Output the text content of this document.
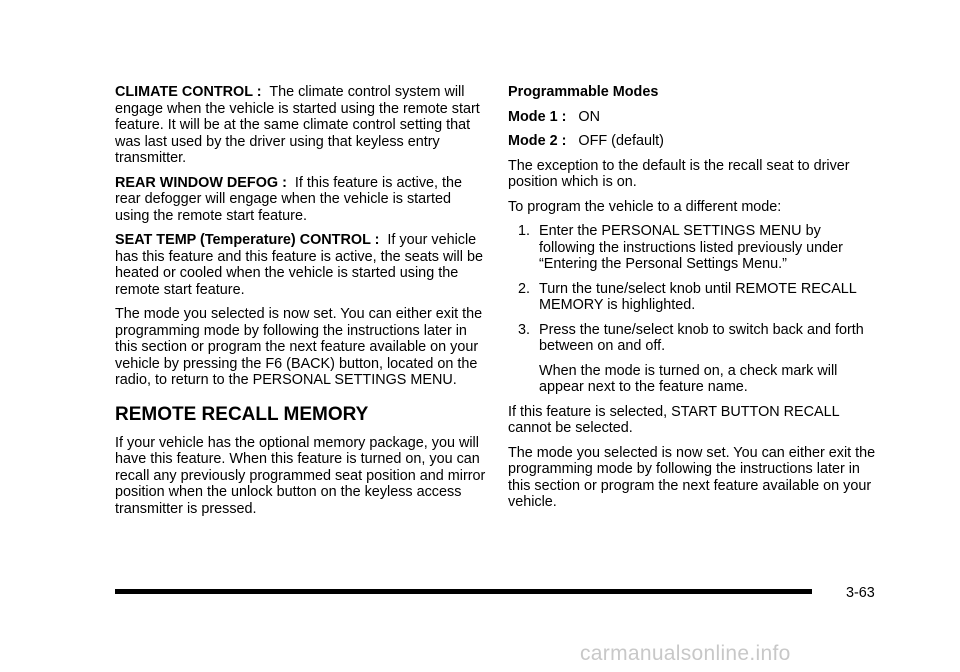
CLIMATE CONTROL : The climate control system will engage when the vehicle is started using the remote start feature. It will be at the same climate control setting that was last used by the driver using that keyless entry transmitter.

REAR WINDOW DEFOG : If this feature is active, the rear defogger will engage when the vehicle is started using the remote start feature.

SEAT TEMP (Temperature) CONTROL : If your vehicle has this feature and this feature is active, the seats will be heated or cooled when the vehicle is started using the remote start feature.

The mode you selected is now set. You can either exit the programming mode by following the instructions later in this section or program the next feature available on your vehicle by pressing the F6 (BACK) button, located on the radio, to return to the PERSONAL SETTINGS MENU.

REMOTE RECALL MEMORY

If your vehicle has the optional memory package, you will have this feature. When this feature is turned on, you can recall any previously programmed seat position and mirror position when the unlock button on the keyless access transmitter is pressed.

Programmable Modes

Mode 1 : ON

Mode 2 : OFF (default)

The exception to the default is the recall seat to driver position which is on.

To program the vehicle to a different mode:

1. Enter the PERSONAL SETTINGS MENU by following the instructions listed previously under “Entering the Personal Settings Menu.”
2. Turn the tune/select knob until REMOTE RECALL MEMORY is highlighted.
3. Press the tune/select knob to switch back and forth between on and off.
When the mode is turned on, a check mark will appear next to the feature name.

If this feature is selected, START BUTTON RECALL cannot be selected.

The mode you selected is now set. You can either exit the programming mode by following the instructions later in this section or program the next feature available on your vehicle.

3-63
carmanualsonline.info
